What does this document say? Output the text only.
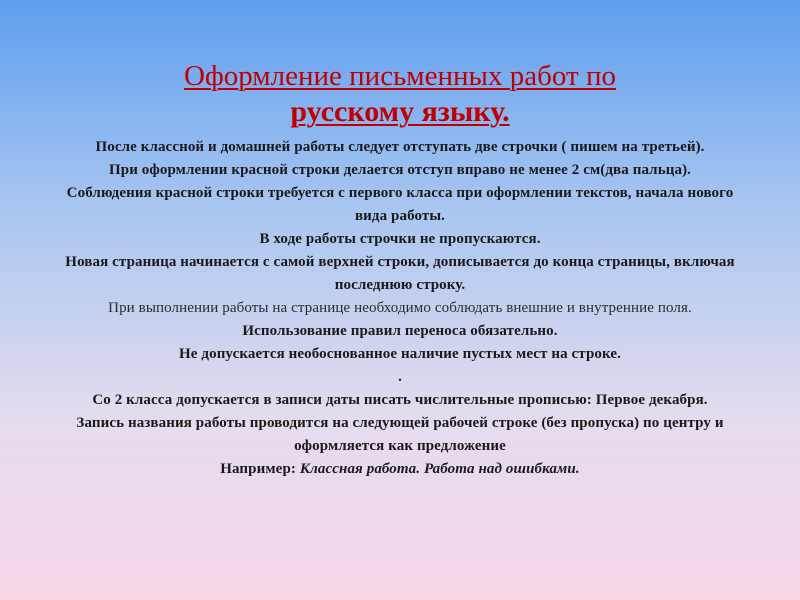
Оформление письменных работ по
русскому языку.

После классной и домашней работы следует отступать две строчки ( пишем на третьей).

При оформлении красной строки делается отступ вправо не менее 2 см(два пальца).

Соблюдения красной строки требуется с первого класса при оформлении текстов, начала нового вида работы.

В ходе работы строчки не пропускаются.

Новая страница начинается с самой верхней строки, дописывается до конца страницы, включая последнюю строку.

При выполнении работы на странице необходимо соблюдать внешние и внутренние поля.

Использование правил переноса обязательно.

Не допускается необоснованное наличие пустых мест на строке.

.

Со 2 класса допускается в записи даты писать числительные прописью: Первое декабря.

Запись названия работы проводится на следующей рабочей строке (без пропуска) по центру и оформляется как предложение

Например: Классная работа. Работа над ошибками.
